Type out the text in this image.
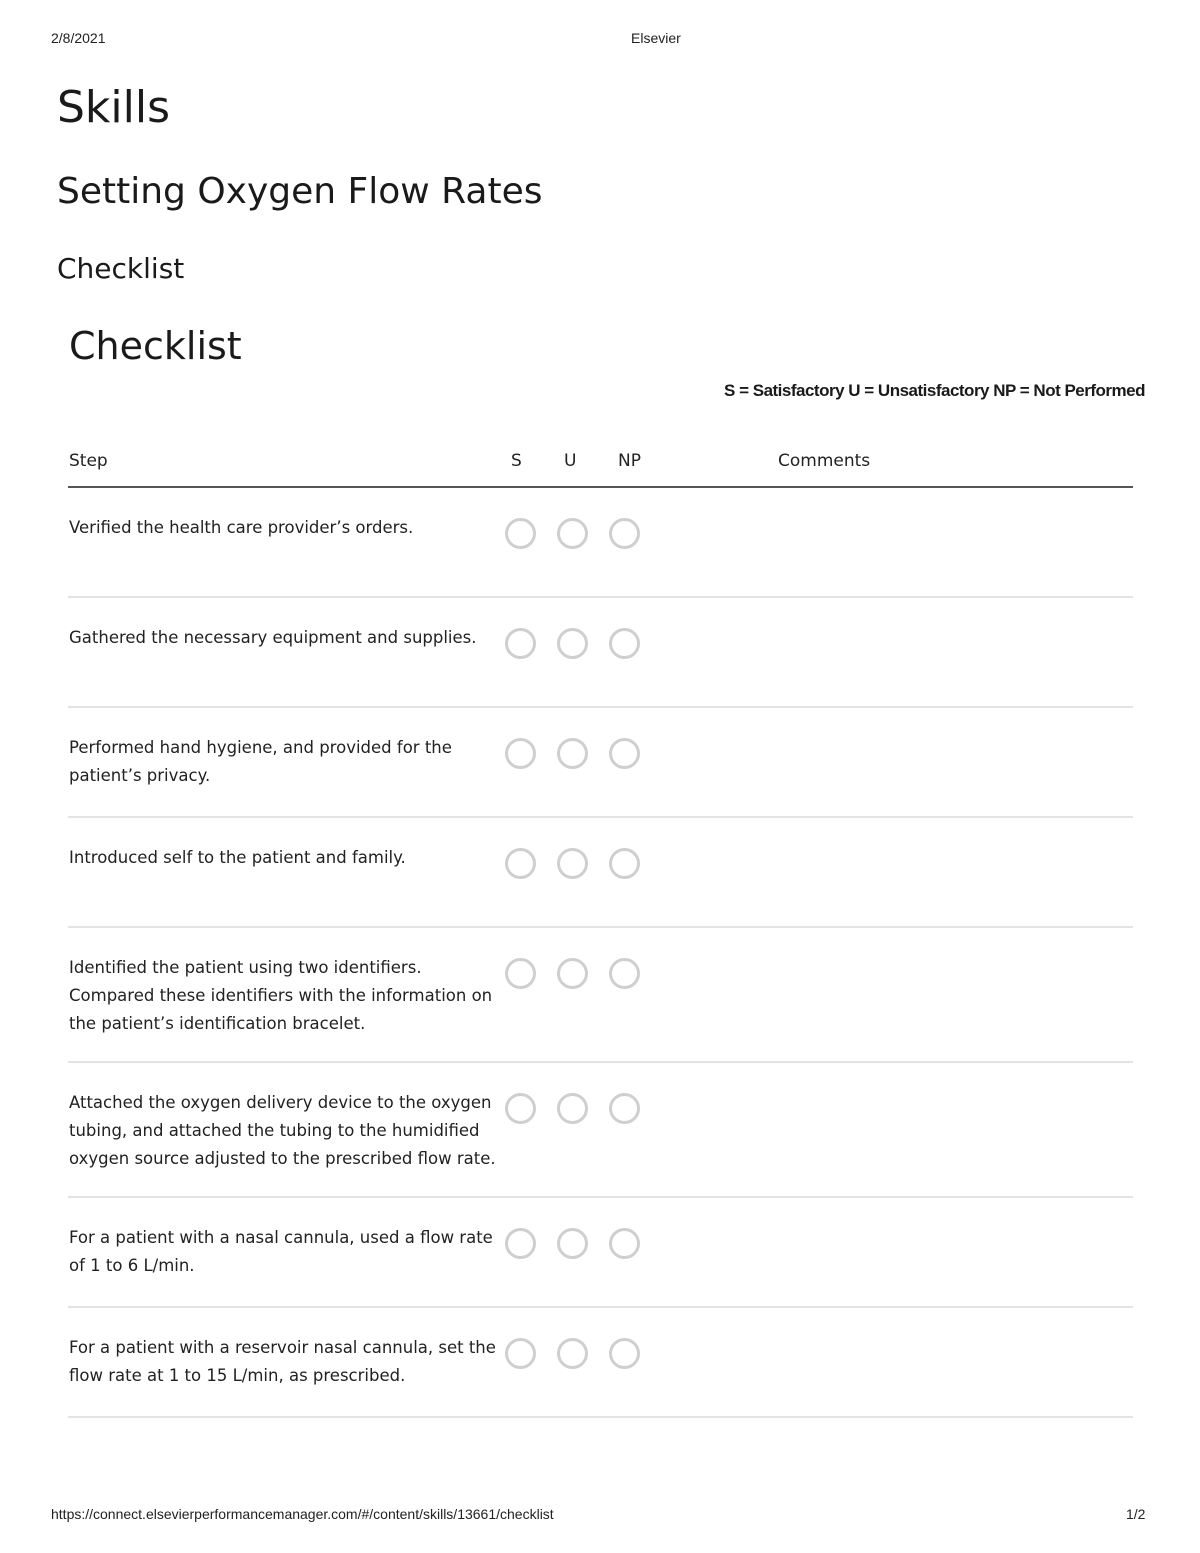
2/8/2021	Elsevier
Skills
Setting Oxygen Flow Rates
Checklist
Checklist
S = Satisfactory U = Unsatisfactory NP = Not Performed
Step	S U NP	Comments
Verified the health care provider’s orders.
Gathered the necessary equipment and supplies.
Performed hand hygiene, and provided for the patient’s privacy.
Introduced self to the patient and family.
Identified the patient using two identifiers. Compared these identifiers with the information on the patient’s identification bracelet.
Attached the oxygen delivery device to the oxygen tubing, and attached the tubing to the humidified oxygen source adjusted to the prescribed flow rate.
For a patient with a nasal cannula, used a flow rate of 1 to 6 L/min.
For a patient with a reservoir nasal cannula, set the flow rate at 1 to 15 L/min, as prescribed.
https://connect.elsevierperformancemanager.com/#/content/skills/13661/checklist	1/2
